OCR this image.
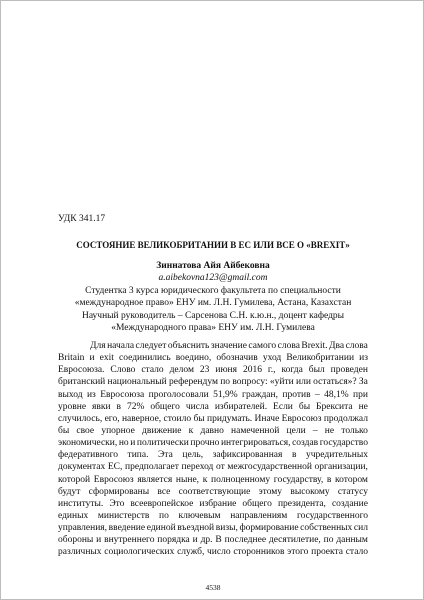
УДК 341.17
СОСТОЯНИЕ ВЕЛИКОБРИТАНИИ В ЕС ИЛИ ВСЕ О «BREXIT»
Зиннатова Айя Айбековна
a.aibekovna123@gmail.com
Студентка 3 курса юридического факультета по специальности
«международное право» ЕНУ им. Л.Н. Гумилева, Астана, Казахстан
Научный руководитель – Сарсенова С.Н. к.ю.н., доцент кафедры
«Международного права» ЕНУ им. Л.Н. Гумилева
Для начала следует объяснить значение самого слова Brexit. Два слова
Britain и exit соединились воедино, обозначив уход Великобритании из
Евросоюза. Слово стало делом 23 июня 2016 г., когда был проведен
британский национальный референдум по вопросу: «уйти или остаться»? За
выход из Евросоюза проголосовали 51,9% граждан, против – 48,1% при
уровне явки в 72% общего числа избирателей. Если бы Брексита не
случилось, его, наверное, стоило бы придумать. Иначе Евросоюз продолжал
бы свое упорное движение к давно намеченной цели – не только
экономически, но и политически прочно интегрироваться, создав государство
федеративного типа. Эта цель, зафиксированная в учредительных
документах ЕС, предполагает переход от межгосударственной организации,
которой Евросоюз является ныне, к полноценному государству, в котором
будут сформированы все соответствующие этому высокому статусу
институты. Это всеевропейское избрание общего президента, создание
единых министерств по ключевым направлениям государственного
управления, введение единой въездной визы, формирование собственных сил
обороны и внутреннего порядка и др. В последнее десятилетие, по данным
различных социологических служб, число сторонников этого проекта стало
4538
